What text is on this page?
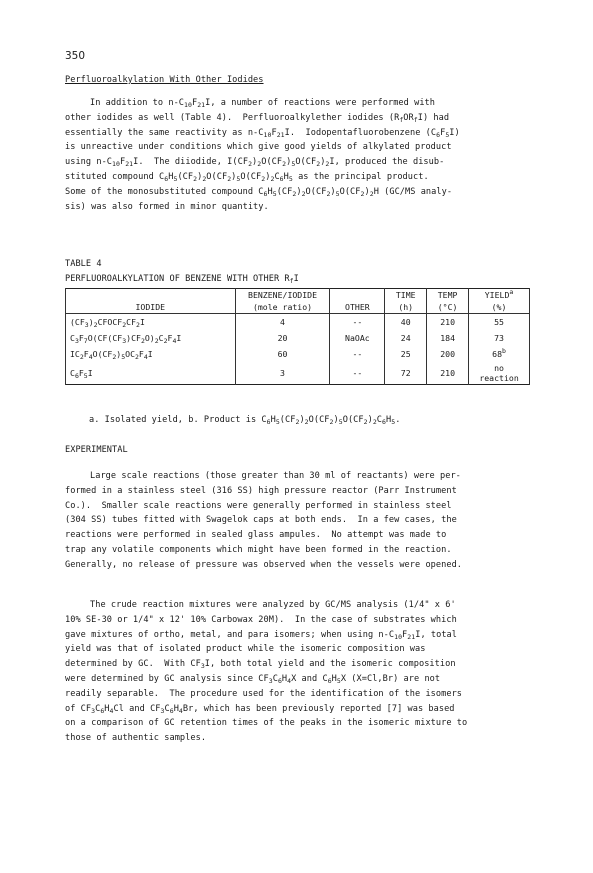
350
Perfluoroalkylation With Other Iodides

In addition to $n-C_{10}F_{21}I$, a number of reactions were performed with

other iodides as well (Table 4).  Perfluoroalkylether iodides $(R_fOR_fI)$ had

essentially the same reactivity as $n-C_{10}F_{21}I$.  Iodopentafluorobenzene $(C_6F_5I)$

is unreactive under conditions which give good yields of alkylated product

using $n-C_{10}F_{21}I$.  The diiodide, $I(CF_2)_2O(CF_2)_5O(CF_2)_2I$, produced the disub-

stituted compound $C_6H_5(CF_2)_2O(CF_2)_5O(CF_2)_2C_6H_5$ as the principal product.

Some of the monosubstituted compound $C_6H_5(CF_2)_2O(CF_2)_5O(CF_2)_2H$ (GC/MS analy-

sis) was also formed in minor quantity.

TABLE 4
PERFLUOROALKYLATION OF BENZENE WITH OTHER $R_fI$
	BENZENE/IODIDE		TIME	TEMP	YIELD$^a$
IODIDE	(mole ratio)	OTHER	(h)	(°C)	(%)
$(CF_3)_2CFOCF_2CF_2I$	4	--	40	210	55
$C_3F_7O(CF(CF_3)CF_2O)_2C_2F_4I$	20	NaOAc	24	184	73
$IC_2F_4O(CF_2)_5OC_2F_4I$	60	--	25	200	68$^b$
$C_6F_5I$	3	--	72	210	no
reaction
a. Isolated yield, b. Product is $C_6H_5(CF_2)_2O(CF_2)_5O(CF_2)_2C_6H_5$.
EXPERIMENTAL

Large scale reactions (those greater than 30 ml of reactants) were per-

formed in a stainless steel (316 SS) high pressure reactor (Parr Instrument

Co.).  Smaller scale reactions were generally performed in stainless steel

(304 SS) tubes fitted with Swagelok caps at both ends.  In a few cases, the

reactions were performed in sealed glass ampules.  No attempt was made to

trap any volatile components which might have been formed in the reaction.

Generally, no release of pressure was observed when the vessels were opened.

The crude reaction mixtures were analyzed by GC/MS analysis (1/4" x 6'

10% SE-30 or 1/4" x 12' 10% Carbowax 20M).  In the case of substrates which

gave mixtures of ortho, metal, and para isomers; when using $n-C_{10}F_{21}I$, total

yield was that of isolated product while the isomeric composition was

determined by GC.  With $CF_3I$, both total yield and the isomeric composition

were determined by GC analysis since $CF_3C_6H_4X$ and $C_6H_5X$ (X=Cl,Br) are not

readily separable.  The procedure used for the identification of the isomers

of $CF_3C_6H_4Cl$ and $CF_3C_6H_4Br$, which has been previously reported [7] was based

on a comparison of GC retention times of the peaks in the isomeric mixture to

those of authentic samples.
